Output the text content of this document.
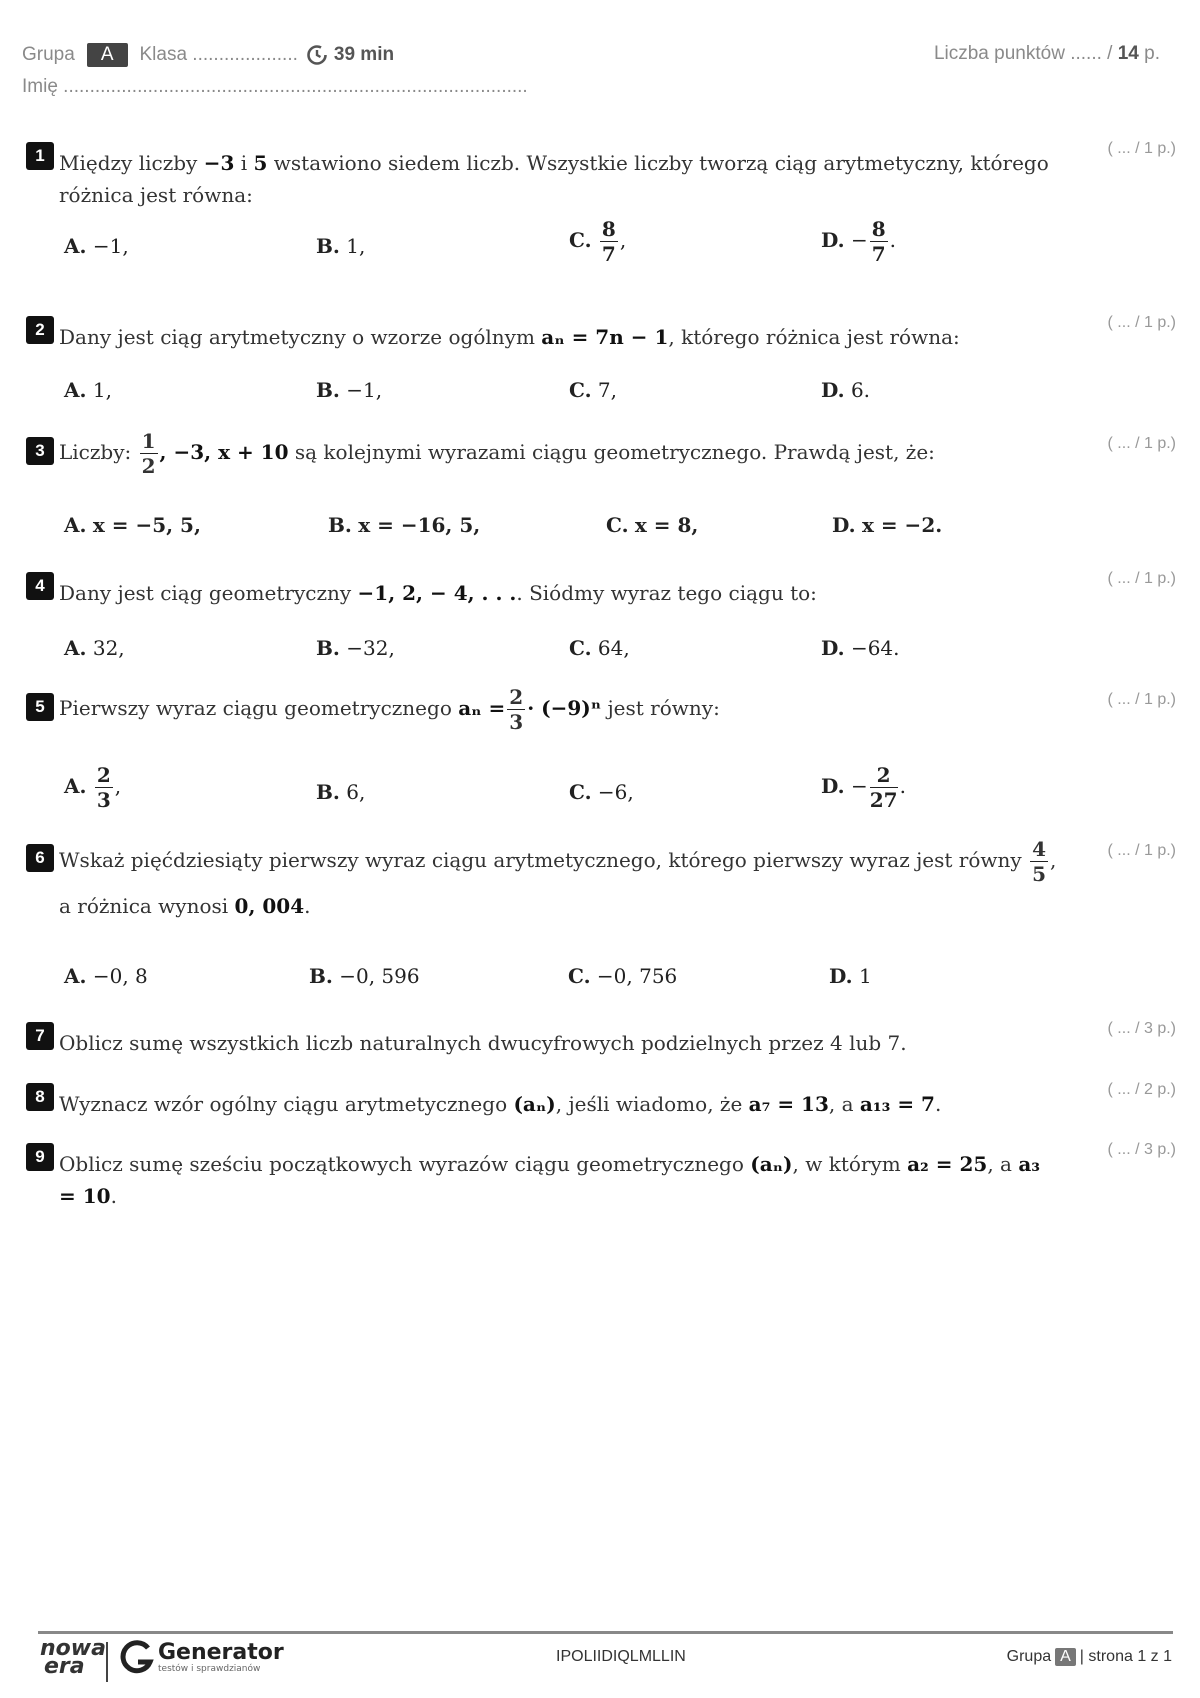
Grupa	A	Klasa .................... 39 min
Imię ........................................................................................
Liczba punktów ...... / 14 p.
1	( ... / 1 p.)
Między liczby −3 i 5 wstawiono siedem liczb. Wszystkie liczby tworzą ciąg arytmetyczny, którego różnica jest równa:
A. −1,	B. 1,	C. $\frac{8}{7}$ ,	D. − $\frac{8}{7}$ .
2	( ... / 1 p.)
Dany jest ciąg arytmetyczny o wzorze ogólnym aₙ = 7n − 1, którego różnica jest równa:
A. 1,	B. −1,	C. 7,	D. 6.
3	( ... / 1 p.)
Liczby: $\frac{1}{2}$ , −3, x + 10 są kolejnymi wyrazami ciągu geometrycznego. Prawdą jest, że:
A. x = −5, 5,	B. x = −16, 5,	C. x = 8,	D. x = −2.
4	( ... / 1 p.)
Dany jest ciąg geometryczny −1, 2, − 4, . . .. Siódmy wyraz tego ciągu to:
A. 32,	B. −32,	C. 64,	D. −64.
5	( ... / 1 p.)
Pierwszy wyraz ciągu geometrycznego $a_n = \frac{2}{3} \cdot (-9)^n$ jest równy:
A. $\frac{2}{3}$ ,	B. 6,	C. −6,	D. − $\frac{2}{27}$ .
6	( ... / 1 p.)
Wskaż pięćdziesiąty pierwszy wyraz ciągu arytmetycznego, którego pierwszy wyraz jest równy $\frac{4}{5}$ , a różnica wynosi 0, 004.
A. −0, 8	B. −0, 596	C. −0, 756	D. 1
7	( ... / 3 p.)
Oblicz sumę wszystkich liczb naturalnych dwucyfrowych podzielnych przez 4 lub 7.
8	( ... / 2 p.)
Wyznacz wzór ogólny ciągu arytmetycznego (aₙ), jeśli wiadomo, że a₇ = 13, a a₁₃ = 7.
9	( ... / 3 p.)
Oblicz sumę sześciu początkowych wyrazów ciągu geometrycznego (aₙ), w którym a₂ = 25, a a₃ = 10.
nowa
era
Generator
testów i sprawdzianów
IPOLIIDIQLMLLIN	Grupa A | strona 1 z 1
